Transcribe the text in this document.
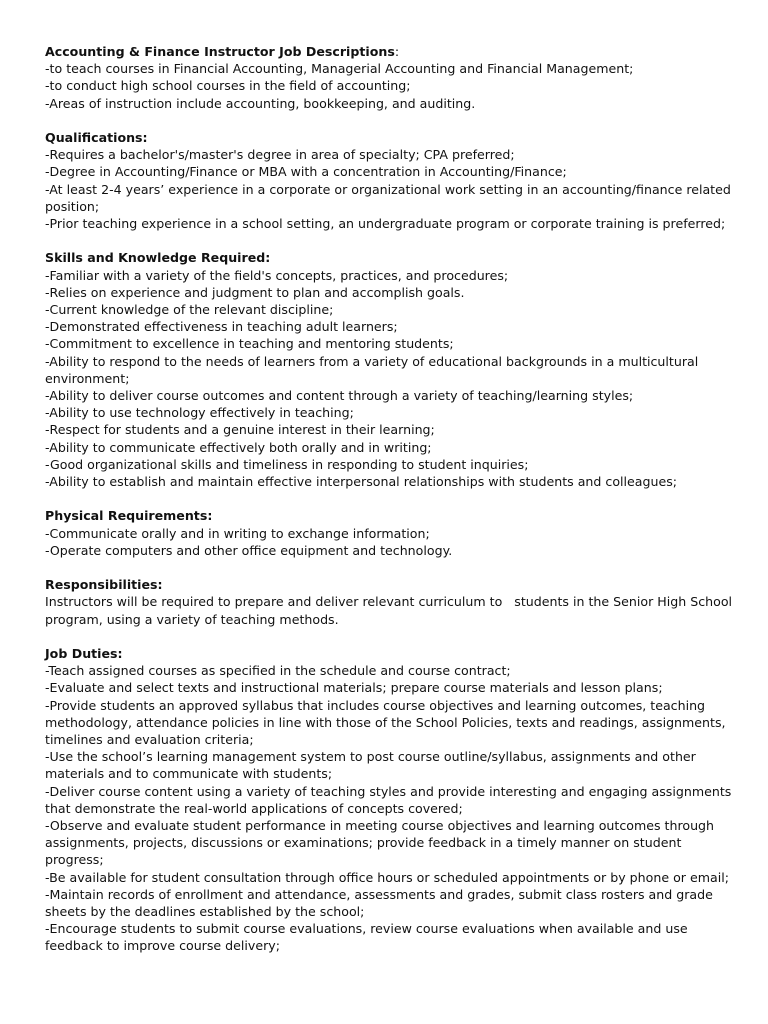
Accounting & Finance Instructor Job Descriptions:

-to teach courses in Financial Accounting, Managerial Accounting and Financial Management;

-to conduct high school courses in the field of accounting;

-Areas of instruction include accounting, bookkeeping, and auditing.

Qualifications:

-Requires a bachelor's/master's degree in area of specialty; CPA preferred;

-Degree in Accounting/Finance or MBA with a concentration in Accounting/Finance;

-At least 2-4 years’ experience in a corporate or organizational work setting in an accounting/finance related position;

-Prior teaching experience in a school setting, an undergraduate program or corporate training is preferred;

Skills and Knowledge Required:

-Familiar with a variety of the field's concepts, practices, and procedures;

-Relies on experience and judgment to plan and accomplish goals.

-Current knowledge of the relevant discipline;

-Demonstrated effectiveness in teaching adult learners;

-Commitment to excellence in teaching and mentoring students;

-Ability to respond to the needs of learners from a variety of educational backgrounds in a multicultural environment;

-Ability to deliver course outcomes and content through a variety of teaching/learning styles;

-Ability to use technology effectively in teaching;

-Respect for students and a genuine interest in their learning;

-Ability to communicate effectively both orally and in writing;

-Good organizational skills and timeliness in responding to student inquiries;

-Ability to establish and maintain effective interpersonal relationships with students and colleagues;

Physical Requirements:

-Communicate orally and in writing to exchange information;

-Operate computers and other office equipment and technology.

Responsibilities:

Instructors will be required to prepare and deliver relevant curriculum to   students in the Senior High School program, using a variety of teaching methods.

Job Duties:

-Teach assigned courses as specified in the schedule and course contract;

-Evaluate and select texts and instructional materials; prepare course materials and lesson plans;

-Provide students an approved syllabus that includes course objectives and learning outcomes, teaching methodology, attendance policies in line with those of the School Policies, texts and readings, assignments, timelines and evaluation criteria;

-Use the school’s learning management system to post course outline/syllabus, assignments and other materials and to communicate with students;

-Deliver course content using a variety of teaching styles and provide interesting and engaging assignments that demonstrate the real-world applications of concepts covered;

-Observe and evaluate student performance in meeting course objectives and learning outcomes through assignments, projects, discussions or examinations; provide feedback in a timely manner on student progress;

-Be available for student consultation through office hours or scheduled appointments or by phone or email;

-Maintain records of enrollment and attendance, assessments and grades, submit class rosters and grade sheets by the deadlines established by the school;

-Encourage students to submit course evaluations, review course evaluations when available and use feedback to improve course delivery;
